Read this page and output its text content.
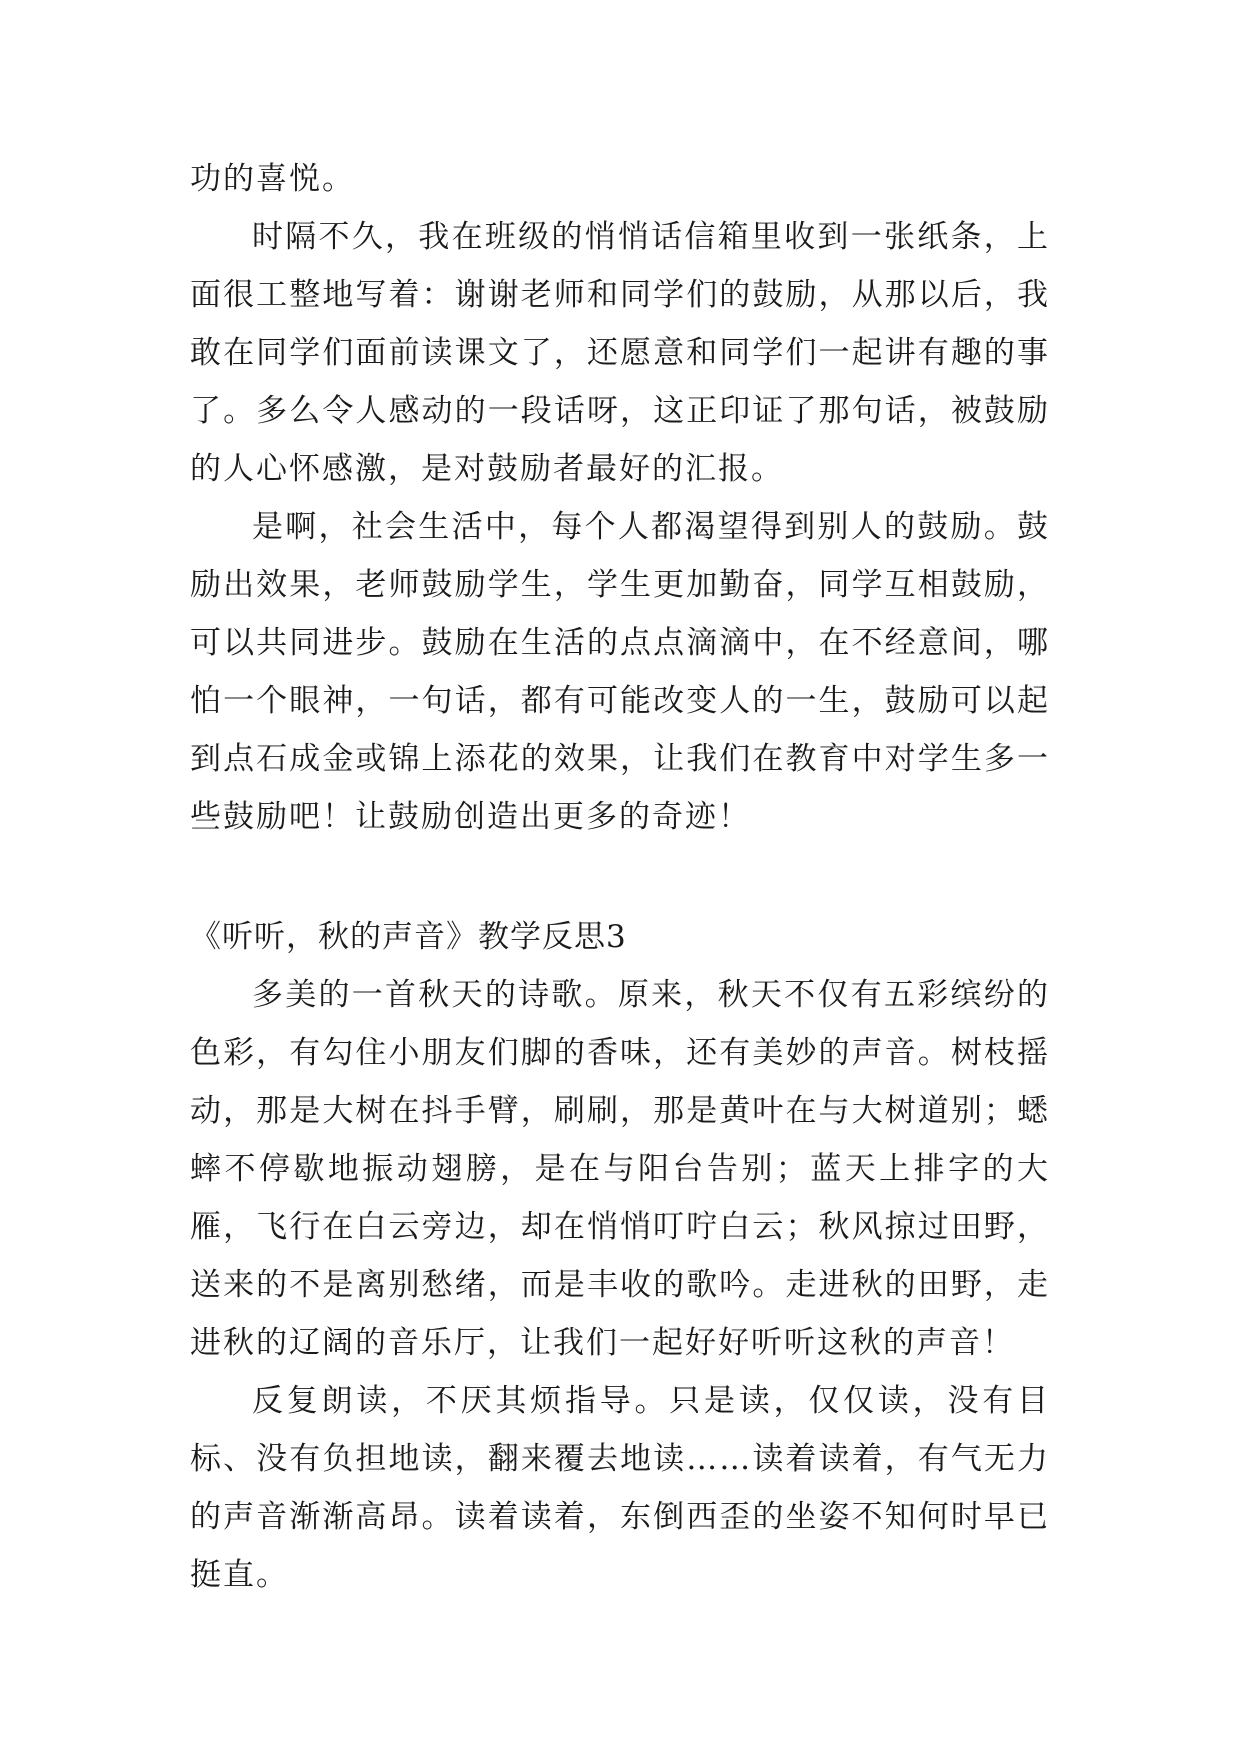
功的喜悦。

时隔不久，我在班级的悄悄话信箱里收到一张纸条，上面很工整地写着：谢谢老师和同学们的鼓励，从那以后，我敢在同学们面前读课文了，还愿意和同学们一起讲有趣的事了。多么令人感动的一段话呀，这正印证了那句话，被鼓励的人心怀感激，是对鼓励者最好的汇报。

是啊，社会生活中，每个人都渴望得到别人的鼓励。鼓励出效果，老师鼓励学生，学生更加勤奋，同学互相鼓励，可以共同进步。鼓励在生活的点点滴滴中，在不经意间，哪怕一个眼神，一句话，都有可能改变人的一生，鼓励可以起到点石成金或锦上添花的效果，让我们在教育中对学生多一些鼓励吧！让鼓励创造出更多的奇迹！

《听听，秋的声音》教学反思3

多美的一首秋天的诗歌。原来，秋天不仅有五彩缤纷的色彩，有勾住小朋友们脚的香味，还有美妙的声音。树枝摇动，那是大树在抖手臂，刷刷，那是黄叶在与大树道别；蟋蟀不停歇地振动翅膀，是在与阳台告别；蓝天上排字的大雁，飞行在白云旁边，却在悄悄叮咛白云；秋风掠过田野，送来的不是离别愁绪，而是丰收的歌吟。走进秋的田野，走进秋的辽阔的音乐厅，让我们一起好好听听这秋的声音！

反复朗读，不厌其烦指导。只是读，仅仅读，没有目标、没有负担地读，翻来覆去地读……读着读着，有气无力的声音渐渐高昂。读着读着，东倒西歪的坐姿不知何时早已挺直。
